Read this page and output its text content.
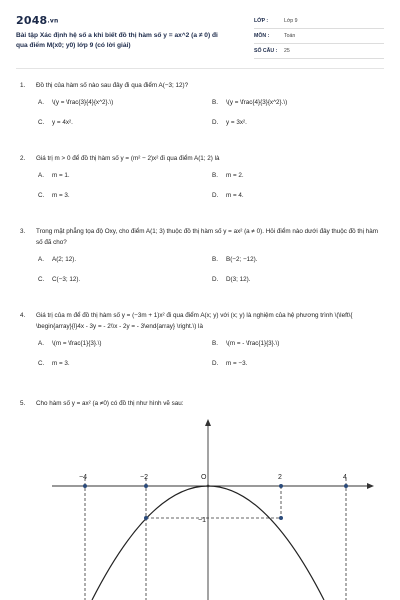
2048.vn
Bài tập Xác định hệ số a khi biết đồ thị hàm số y = ax^2 (a ≠ 0) đi qua điểm M(x0; y0) lớp 9 (có lời giải)
LỚP :	Lớp 9
MÔN :	Toán
SỐ CÂU :	25
1.	Đồ thị của hàm số nào sau đây đi qua điểm A(−3; 12)?
A.	\(y = \frac{3}{4}{x^2}.\)	B.	\(y = \frac{4}{3}{x^2}.\)
C.	y = 4x².	D.	y = 3x².
2.	Giá trị m > 0 để đồ thị hàm số y = (m² − 2)x² đi qua điểm A(1; 2) là
A.	m = 1.	B.	m = 2.
C.	m = 3.	D.	m = 4.
3.	Trong mặt phẳng tọa độ Oxy, cho điểm A(1; 3) thuộc đồ thị hàm số y = ax² (a ≠ 0). Hỏi điểm nào dưới đây thuộc đồ thị hàm số đã cho?
A.	A(2; 12).	B.	B(−2; −12).
C.	C(−3; 12).	D.	D(3; 12).
4.	Giá trị của m để đồ thị hàm số y = (−3m + 1)x² đi qua điểm A(x; y) với (x; y) là nghiệm của hệ phương trình \(\left\{ \begin{array}{l}4x - 3y = - 2\\x - 2y = - 3\end{array} \right.\) là
A.	\(m = \frac{1}{3}.\)	B.	\(m = - \frac{1}{3}.\)
C.	m = 3.	D.	m = −3.
5.	Cho hàm số y = ax² (a ≠0) có đồ thị như hình vẽ sau:
−4	−2	O	2	4
−1
